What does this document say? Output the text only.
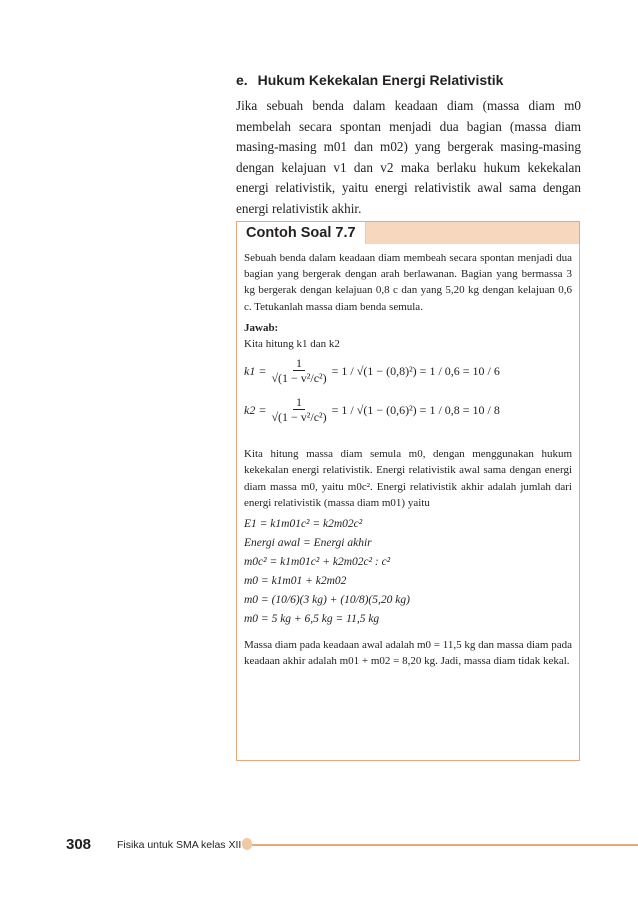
e. Hukum Kekekalan Energi Relativistik

Jika sebuah benda dalam keadaan diam (massa diam m0 membelah secara spontan menjadi dua bagian (massa diam masing-masing m01 dan m02) yang bergerak masing-masing dengan kelajuan v1 dan v2 maka berlaku hukum kekekalan energi relativistik, yaitu energi relativistik awal sama dengan energi relativistik akhir.

Contoh Soal 7.7

Sebuah benda dalam keadaan diam membeah secara spontan menjadi dua bagian yang bergerak dengan arah berlawanan. Bagian yang bermassa 3 kg bergerak dengan kelajuan 0,8 c dan yang 5,20 kg dengan kelajuan 0,6 c. Tetukanlah massa diam benda semula.

Jawab:

Kita hitung k1 dan k2

$k1 = \frac{1}{\text{√(1 − v²/c²)}} = 1 / √(1 - (0,8)^2) = 1 / 0,6 = 10 / 6$
$k2 = \frac{1}{\text{√(1 − v²/c²)}} = 1 / √(1 - (0,6)^2) = 1 / 0,8 = 10 / 8$

Kita hitung massa diam semula m0, dengan menggunakan hukum kekekalan energi relativistik. Energi relativistik awal sama dengan energi diam massa m0, yaitu m0c². Energi relativistik akhir adalah jumlah dari energi relativistik (massa diam m01) yaitu

E1 = k1m01c² = k2m02c²
Energi awal = Energi akhir
m0c² = k1m01c² + k2m02c² : c²
m0 = k1m01 + k2m02
m0 = (10/6)(3 kg) + (10/8)(5,20 kg)
m0 = 5 kg + 6,5 kg = 11,5 kg

Massa diam pada keadaan awal adalah m0 = 11,5 kg dan massa diam pada keadaan akhir adalah m01 + m02 = 8,20 kg. Jadi, massa diam tidak kekal.

308 Fisika untuk SMA kelas XII
